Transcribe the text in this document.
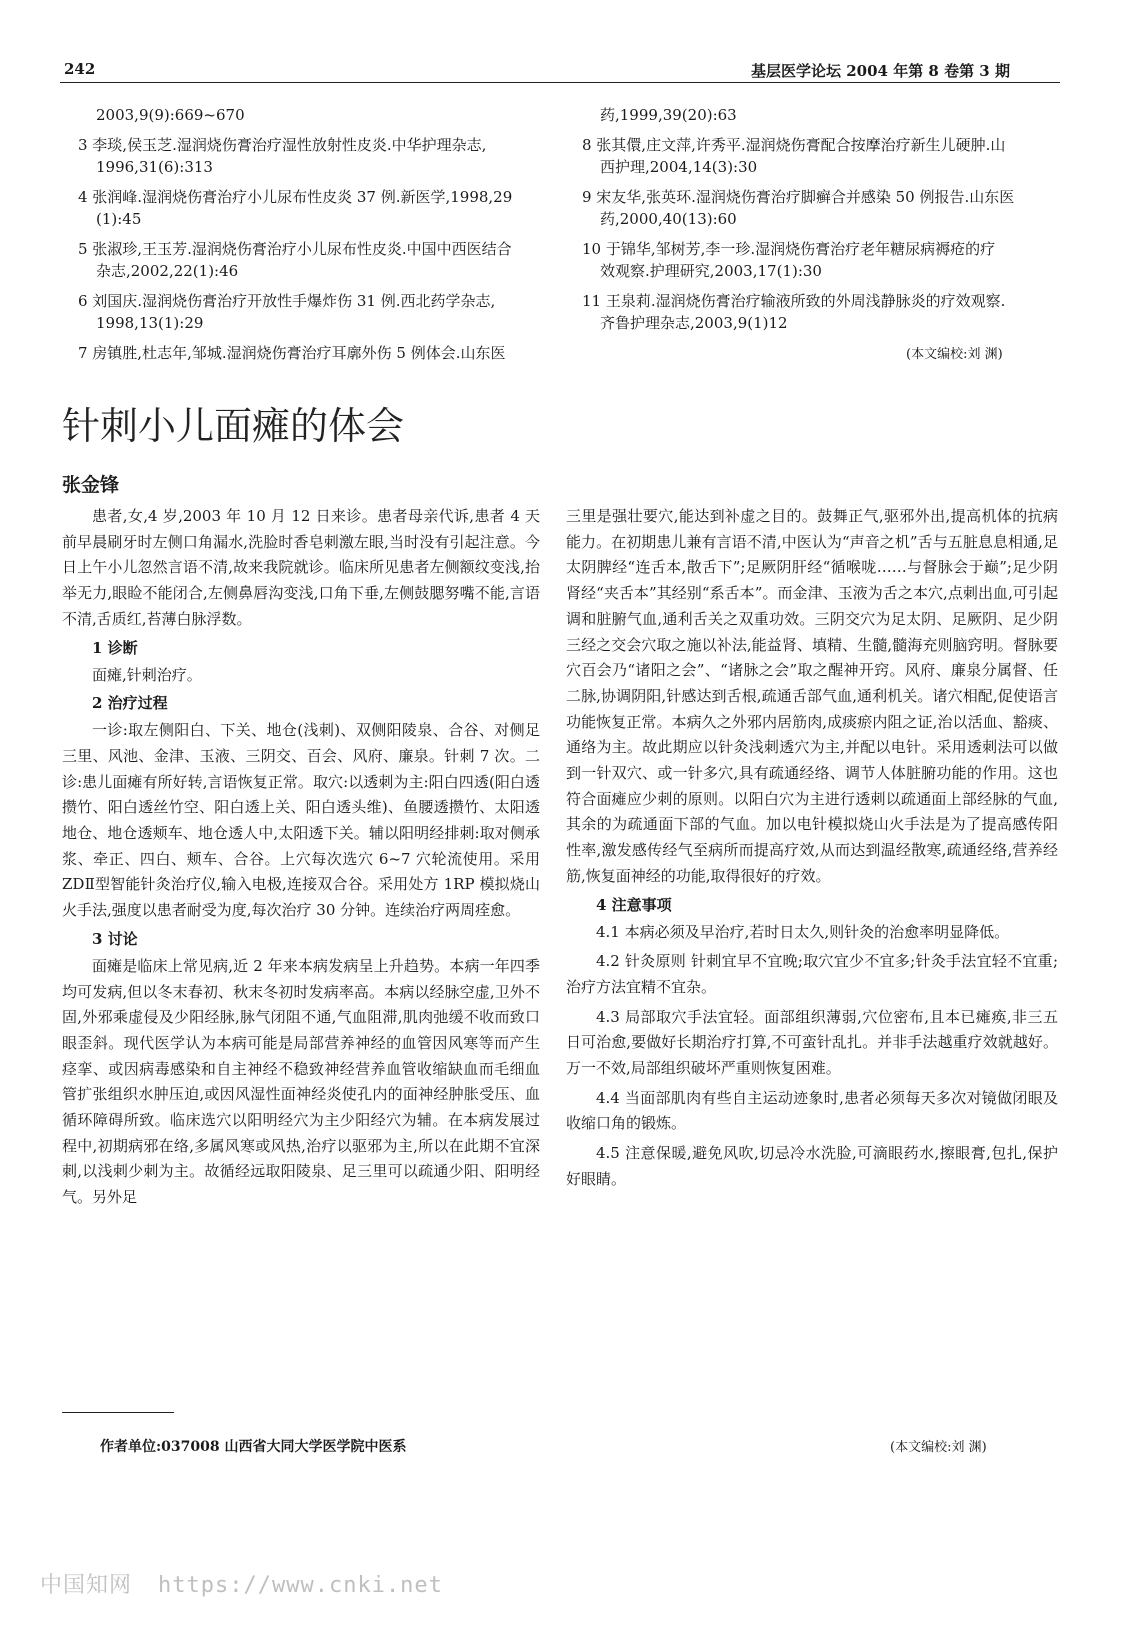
242	基层医学论坛 2004 年第 8 卷第 3 期
2003,9(9):669~670
3 李琰,侯玉芝.湿润烧伤膏治疗湿性放射性皮炎.中华护理杂志,
1996,31(6):313
4 张润峰.湿润烧伤膏治疗小儿尿布性皮炎 37 例.新医学,1998,29
(1):45
5 张淑珍,王玉芳.湿润烧伤膏治疗小儿尿布性皮炎.中国中西医结合
杂志,2002,22(1):46
6 刘国庆.湿润烧伤膏治疗开放性手爆炸伤 31 例.西北药学杂志,
1998,13(1):29
7 房镇胜,杜志年,邹城.湿润烧伤膏治疗耳廓外伤 5 例体会.山东医
药,1999,39(20):63
8 张其儇,庄文萍,许秀平.湿润烧伤膏配合按摩治疗新生儿硬肿.山
西护理,2004,14(3):30
9 宋友华,张英环.湿润烧伤膏治疗脚癣合并感染 50 例报告.山东医
药,2000,40(13):60
10 于锦华,邹树芳,李一珍.湿润烧伤膏治疗老年糖尿病褥疮的疗
效观察.护理研究,2003,17(1):30
11 王泉莉.湿润烧伤膏治疗输液所致的外周浅静脉炎的疗效观察.
齐鲁护理杂志,2003,9(1)12
(本文编校:刘 渊)
针刺小儿面瘫的体会
张金锋

患者,女,4 岁,2003 年 10 月 12 日来诊。患者母亲代诉,患者 4 天前早晨刷牙时左侧口角漏水,洗脸时香皂刺激左眼,当时没有引起注意。今日上午小儿忽然言语不清,故来我院就诊。临床所见患者左侧额纹变浅,抬举无力,眼睑不能闭合,左侧鼻唇沟变浅,口角下垂,左侧鼓腮努嘴不能,言语不清,舌质红,苔薄白脉浮数。

1 诊断

面瘫,针刺治疗。

2 治疗过程

一诊:取左侧阳白、下关、地仓(浅刺)、双侧阳陵泉、合谷、对侧足三里、风池、金津、玉液、三阴交、百会、风府、廉泉。针刺 7 次。二诊:患儿面瘫有所好转,言语恢复正常。取穴:以透刺为主:阳白四透(阳白透攒竹、阳白透丝竹空、阳白透上关、阳白透头维)、鱼腰透攒竹、太阳透地仓、地仓透颊车、地仓透人中,太阳透下关。辅以阳明经排刺:取对侧承浆、牵正、四白、颊车、合谷。上穴每次选穴 6~7 穴轮流使用。采用 ZDⅡ型智能针灸治疗仪,输入电极,连接双合谷。采用处方 1RP 模拟烧山火手法,强度以患者耐受为度,每次治疗 30 分钟。连续治疗两周痊愈。

3 讨论

面瘫是临床上常见病,近 2 年来本病发病呈上升趋势。本病一年四季均可发病,但以冬末春初、秋末冬初时发病率高。本病以经脉空虚,卫外不固,外邪乘虚侵及少阳经脉,脉气闭阻不通,气血阻滞,肌肉弛缓不收而致口眼歪斜。现代医学认为本病可能是局部营养神经的血管因风寒等而产生痉挛、或因病毒感染和自主神经不稳致神经营养血管收缩缺血而毛细血管扩张组织水肿压迫,或因风湿性面神经炎使孔内的面神经肿胀受压、血循环障碍所致。临床选穴以阳明经穴为主少阳经穴为辅。在本病发展过程中,初期病邪在络,多属风寒或风热,治疗以驱邪为主,所以在此期不宜深刺,以浅刺少刺为主。故循经远取阳陵泉、足三里可以疏通少阳、阳明经气。另外足

三里是强壮要穴,能达到补虚之目的。鼓舞正气,驱邪外出,提高机体的抗病能力。在初期患儿兼有言语不清,中医认为“声音之机”舌与五脏息息相通,足太阴脾经“连舌本,散舌下”;足厥阴肝经“循喉咙……与督脉会于巅”;足少阴肾经“夹舌本”其经别“系舌本”。而金津、玉液为舌之本穴,点刺出血,可引起调和脏腑气血,通利舌关之双重功效。三阴交穴为足太阴、足厥阴、足少阴三经之交会穴取之施以补法,能益肾、填精、生髓,髓海充则脑窍明。督脉要穴百会乃“诸阳之会”、“诸脉之会”取之醒神开窍。风府、廉泉分属督、任二脉,协调阴阳,针感达到舌根,疏通舌部气血,通利机关。诸穴相配,促使语言功能恢复正常。本病久之外邪内居筋肉,成痰瘀内阻之证,治以活血、豁痰、通络为主。故此期应以针灸浅刺透穴为主,并配以电针。采用透刺法可以做到一针双穴、或一针多穴,具有疏通经络、调节人体脏腑功能的作用。这也符合面瘫应少刺的原则。以阳白穴为主进行透刺以疏通面上部经脉的气血,其余的为疏通面下部的气血。加以电针模拟烧山火手法是为了提高感传阳性率,激发感传经气至病所而提高疗效,从而达到温经散寒,疏通经络,营养经筋,恢复面神经的功能,取得很好的疗效。

4 注意事项

4.1 本病必须及早治疗,若时日太久,则针灸的治愈率明显降低。

4.2 针灸原则 针刺宜早不宜晚;取穴宜少不宜多;针灸手法宜轻不宜重;治疗方法宜精不宜杂。

4.3 局部取穴手法宜轻。面部组织薄弱,穴位密布,且本已瘫痪,非三五日可治愈,要做好长期治疗打算,不可蛮针乱扎。并非手法越重疗效就越好。万一不效,局部组织破坏严重则恢复困难。

4.4 当面部肌肉有些自主运动迹象时,患者必须每天多次对镜做闭眼及收缩口角的锻炼。

4.5 注意保暖,避免风吹,切忌冷水洗脸,可滴眼药水,擦眼膏,包扎,保护好眼睛。

(本文编校:刘 渊)
作者单位:037008 山西省大同大学医学院中医系
中国知网 https://www.cnki.net
